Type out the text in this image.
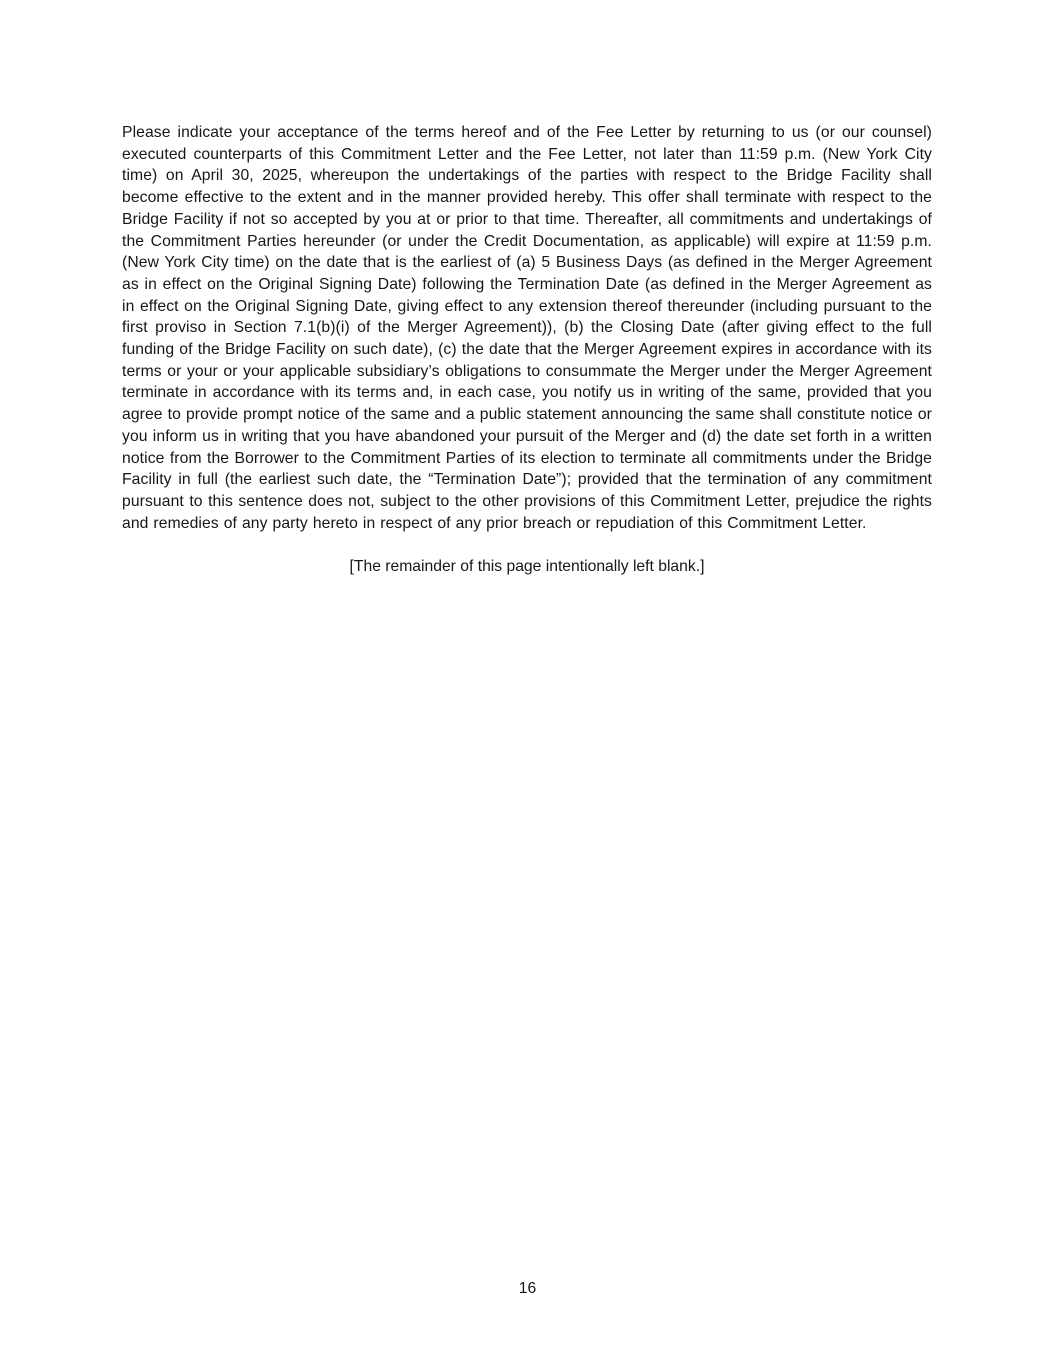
Please indicate your acceptance of the terms hereof and of the Fee Letter by returning to us (or our counsel) executed counterparts of this Commitment Letter and the Fee Letter, not later than 11:59 p.m. (New York City time) on April 30, 2025, whereupon the undertakings of the parties with respect to the Bridge Facility shall become effective to the extent and in the manner provided hereby. This offer shall terminate with respect to the Bridge Facility if not so accepted by you at or prior to that time. Thereafter, all commitments and undertakings of the Commitment Parties hereunder (or under the Credit Documentation, as applicable) will expire at 11:59 p.m. (New York City time) on the date that is the earliest of (a) 5 Business Days (as defined in the Merger Agreement as in effect on the Original Signing Date) following the Termination Date (as defined in the Merger Agreement as in effect on the Original Signing Date, giving effect to any extension thereof thereunder (including pursuant to the first proviso in Section 7.1(b)(i) of the Merger Agreement)), (b) the Closing Date (after giving effect to the full funding of the Bridge Facility on such date), (c) the date that the Merger Agreement expires in accordance with its terms or your or your applicable subsidiary’s obligations to consummate the Merger under the Merger Agreement terminate in accordance with its terms and, in each case, you notify us in writing of the same, provided that you agree to provide prompt notice of the same and a public statement announcing the same shall constitute notice or you inform us in writing that you have abandoned your pursuit of the Merger and (d) the date set forth in a written notice from the Borrower to the Commitment Parties of its election to terminate all commitments under the Bridge Facility in full (the earliest such date, the “Termination Date”); provided that the termination of any commitment pursuant to this sentence does not, subject to the other provisions of this Commitment Letter, prejudice the rights and remedies of any party hereto in respect of any prior breach or repudiation of this Commitment Letter.

[The remainder of this page intentionally left blank.]

16
